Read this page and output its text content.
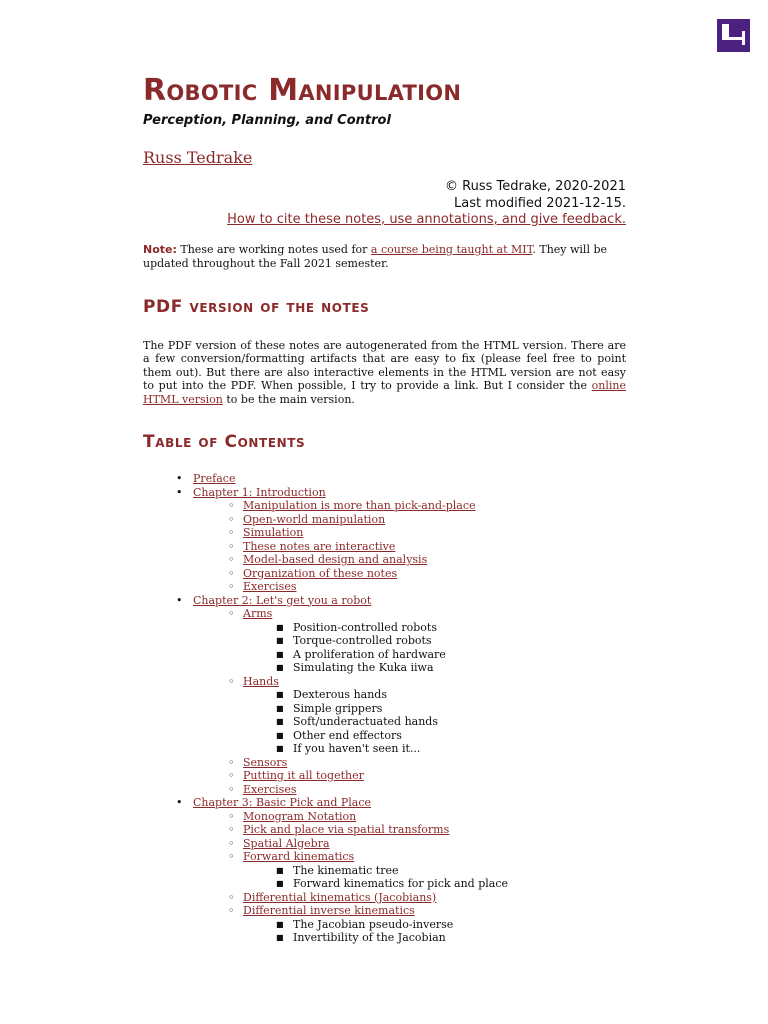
Robotic Manipulation
Perception, Planning, and Control
Russ Tedrake
© Russ Tedrake, 2020-2021
Last modified 2021-12-15.
How to cite these notes, use annotations, and give feedback.
Note: These are working notes used for a course being taught at MIT. They will be updated throughout the Fall 2021 semester.
PDF version of the notes
The PDF version of these notes are autogenerated from the HTML version. There are a few conversion/formatting artifacts that are easy to fix (please feel free to point them out). But there are also interactive elements in the HTML version are not easy to put into the PDF. When possible, I try to provide a link. But I consider the online HTML version to be the main version.
Table of Contents
• Preface
• Chapter 1: Introduction
◦ Manipulation is more than pick-and-place
◦ Open-world manipulation
◦ Simulation
◦ These notes are interactive
◦ Model-based design and analysis
◦ Organization of these notes
◦ Exercises
• Chapter 2: Let's get you a robot
◦ Arms
■ Position-controlled robots
■ Torque-controlled robots
■ A proliferation of hardware
■ Simulating the Kuka iiwa
◦ Hands
■ Dexterous hands
■ Simple grippers
■ Soft/underactuated hands
■ Other end effectors
■ If you haven't seen it...
◦ Sensors
◦ Putting it all together
◦ Exercises
• Chapter 3: Basic Pick and Place
◦ Monogram Notation
◦ Pick and place via spatial transforms
◦ Spatial Algebra
◦ Forward kinematics
■ The kinematic tree
■ Forward kinematics for pick and place
◦ Differential kinematics (Jacobians)
◦ Differential inverse kinematics
■ The Jacobian pseudo-inverse
■ Invertibility of the Jacobian
